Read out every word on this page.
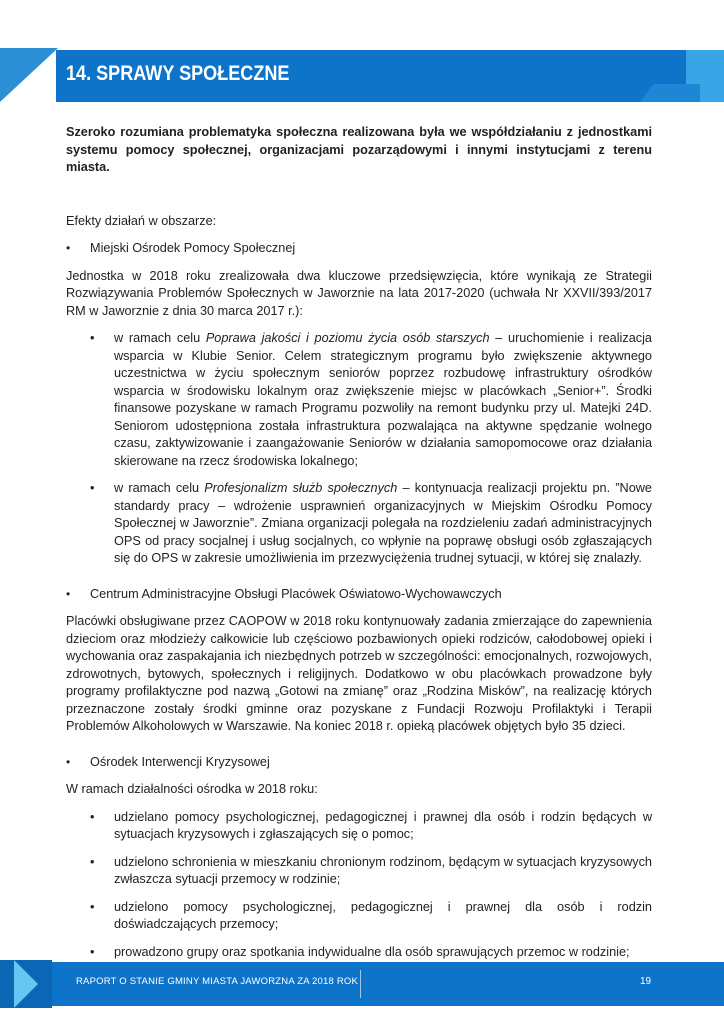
14. SPRAWY SPOŁECZNE

Szeroko rozumiana problematyka społeczna realizowana była we współdziałaniu z jednostkami systemu pomocy społecznej, organizacjami pozarządowymi i innymi instytucjami z terenu miasta.

Efekty działań w obszarze:

•	Miejski Ośrodek Pomocy Społecznej

Jednostka w 2018 roku zrealizowała dwa kluczowe przedsięwzięcia, które wynikają ze Strategii Rozwiązywania Problemów Społecznych w Jaworznie na lata 2017-2020 (uchwała Nr XXVII/393/2017 RM w Jaworznie z dnia 30 marca 2017 r.):

• w ramach celu Poprawa jakości i poziomu życia osób starszych – uruchomienie i realizacja wsparcia w Klubie Senior. Celem strategicznym programu było zwiększenie aktywnego uczestnictwa w życiu społecznym seniorów poprzez rozbudowę infrastruktury ośrodków wsparcia w środowisku lokalnym oraz zwiększenie miejsc w placówkach „Senior+”. Środki finansowe pozyskane w ramach Programu pozwoliły na remont budynku przy ul. Matejki 24D. Seniorom udostępniona została infrastruktura pozwalająca na aktywne spędzanie wolnego czasu, zaktywizowanie i zaangażowanie Seniorów w działania samopomocowe oraz działania skierowane na rzecz środowiska lokalnego;
• w ramach celu Profesjonalizm służb społecznych – kontynuacja realizacji projektu pn. ”Nowe standardy pracy – wdrożenie usprawnień organizacyjnych w Miejskim Ośrodku Pomocy Społecznej w Jaworznie”. Zmiana organizacji polegała na rozdzieleniu zadań administracyjnych OPS od pracy socjalnej i usług socjalnych, co wpłynie na poprawę obsługi osób zgłaszających się do OPS w zakresie umożliwienia im przezwyciężenia trudnej sytuacji, w której się znalazły.
•	Centrum Administracyjne Obsługi Placówek Oświatowo-Wychowawczych

Placówki obsługiwane przez CAOPOW w 2018 roku kontynuowały zadania zmierzające do zapewnienia dzieciom oraz młodzieży całkowicie lub częściowo pozbawionych opieki rodziców, całodobowej opieki i wychowania oraz zaspakajania ich niezbędnych potrzeb w szczególności: emocjonalnych, rozwojowych, zdrowotnych, bytowych, społecznych i religijnych. Dodatkowo w obu placówkach prowadzone były programy profilaktyczne pod nazwą „Gotowi na zmianę” oraz „Rodzina Misków”, na realizację których przeznaczone zostały środki gminne oraz pozyskane z Fundacji Rozwoju Profilaktyki i Terapii Problemów Alkoholowych w Warszawie. Na koniec 2018 r. opieką placówek objętych było 35 dzieci.

•	Ośrodek Interwencji Kryzysowej

W ramach działalności ośrodka w 2018 roku:

• udzielano pomocy psychologicznej, pedagogicznej i prawnej dla osób i rodzin będących w sytuacjach kryzysowych i zgłaszających się o pomoc;
• udzielono schronienia w mieszkaniu chronionym rodzinom, będącym w sytuacjach kryzysowych zwłaszcza sytuacji przemocy w rodzinie;
• udzielono pomocy psychologicznej, pedagogicznej i prawnej dla osób i rodzin doświadczających przemocy;
• prowadzono grupy oraz spotkania indywidualne dla osób sprawujących przemoc w rodzinie;
RAPORT O STANIE GMINY MIASTA JAWORZNA ZA 2018 ROK	19
